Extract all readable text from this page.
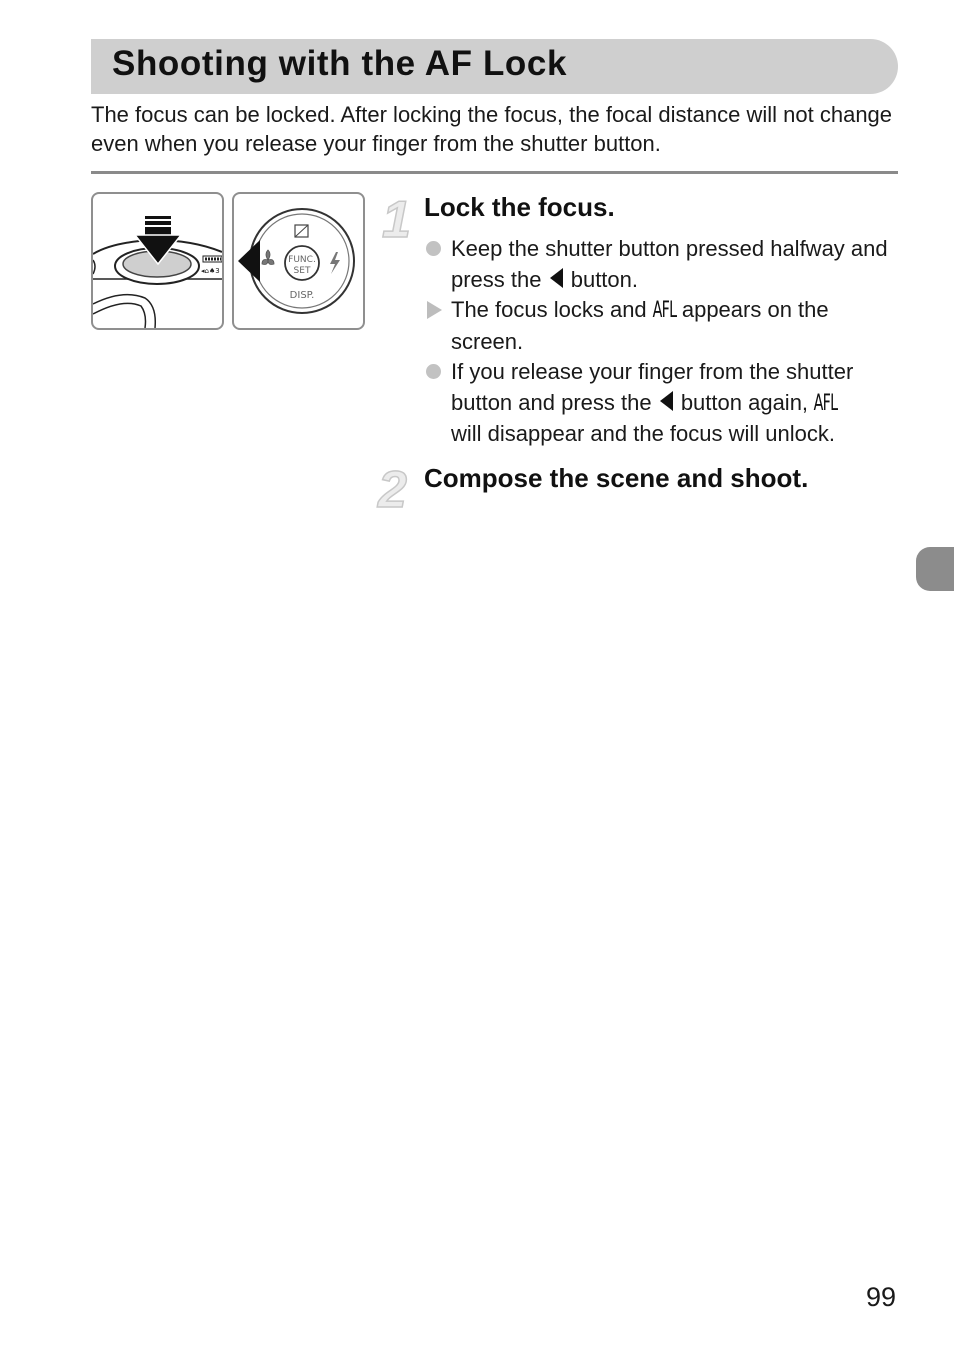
Shooting with the AF Lock
The focus can be locked. After locking the focus, the focal distance will not change even when you release your finger from the shutter button.
◂⌂♠3
FUNC.
SET
DISP.
1 Lock the focus.
Keep the shutter button pressed halfway and press the  button.
The focus locks and AFL appears on the screen.
If you release your finger from the shutter button and press the  button again, AFL
will disappear and the focus will unlock.
2 Compose the scene and shoot.
99
